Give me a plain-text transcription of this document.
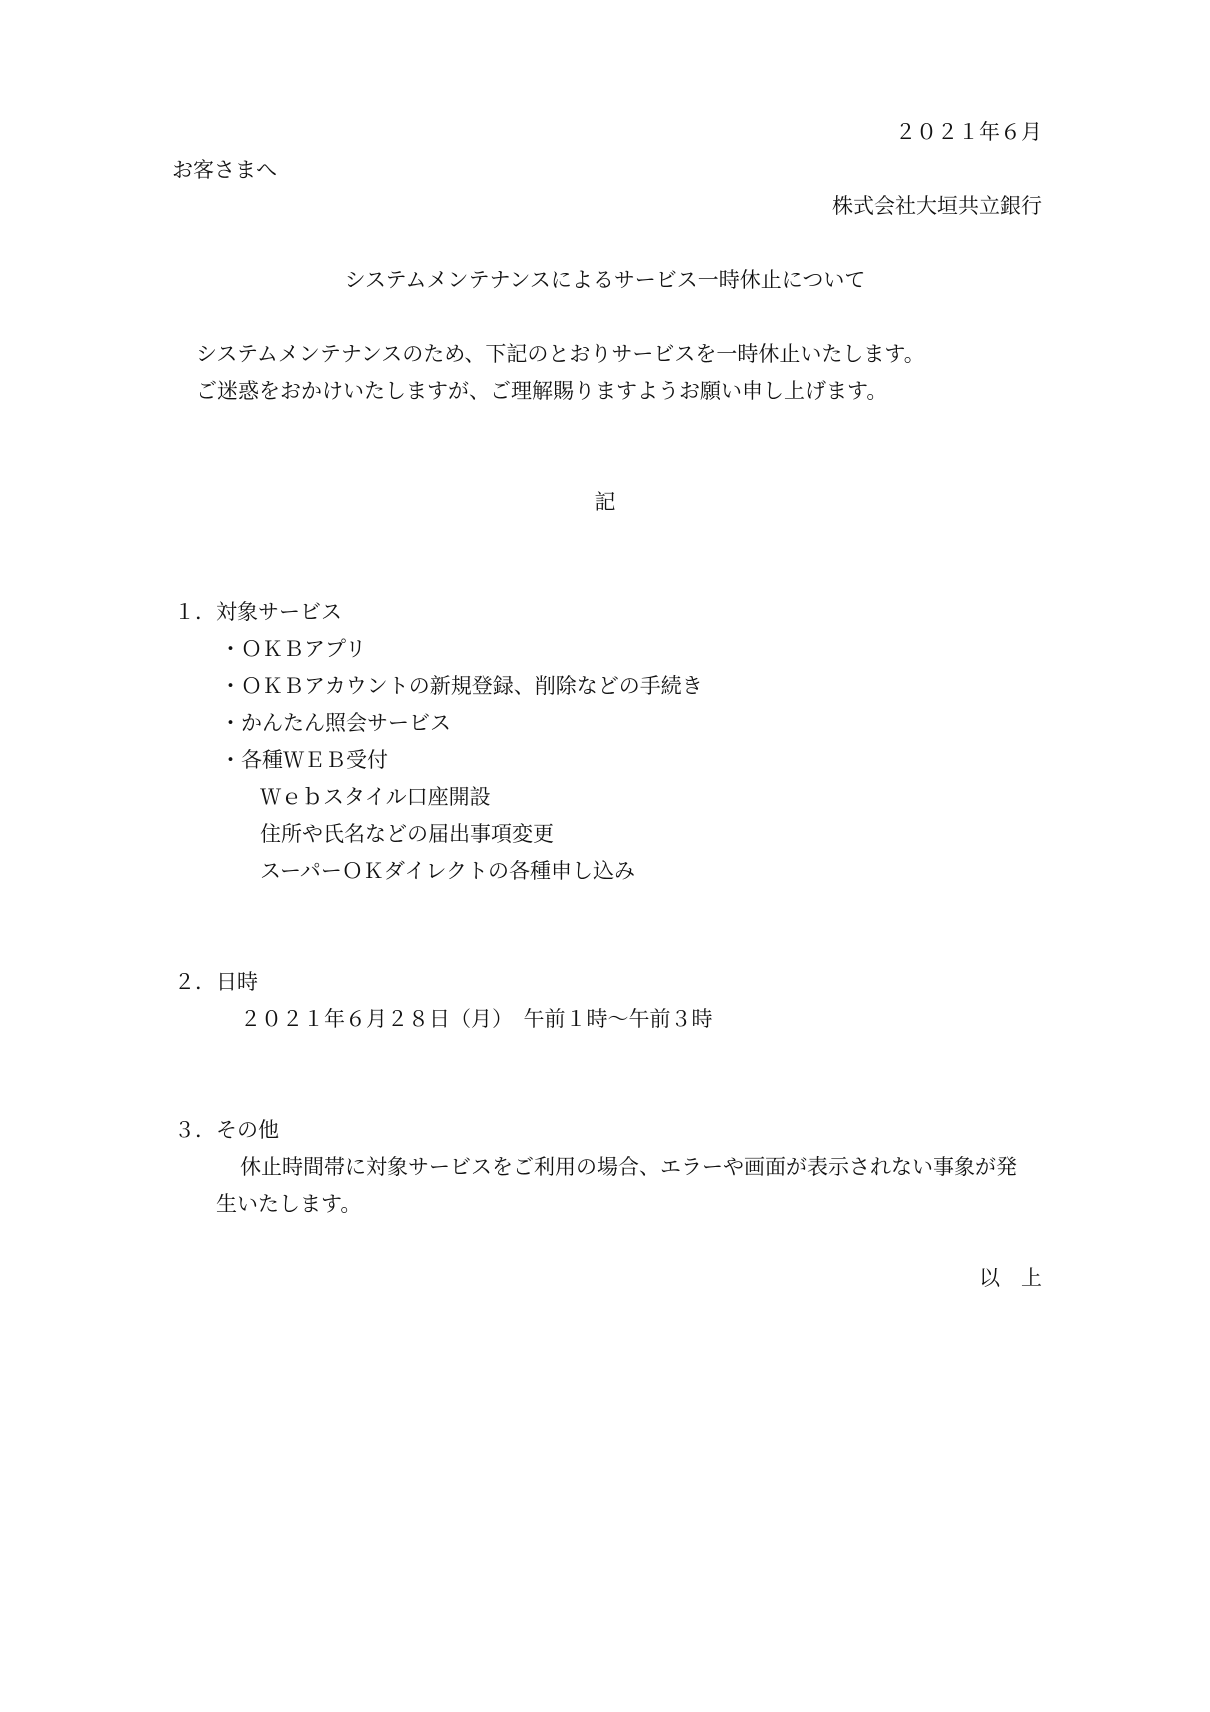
２０２１年６月

お客さまへ

株式会社大垣共立銀行

システムメンテナンスによるサービス一時休止について

システムメンテナンスのため、下記のとおりサービスを一時休止いたします。

ご迷惑をおかけいたしますが、ご理解賜りますようお願い申し上げます。

記

１．対象サービス

・ＯＫＢアプリ

・ＯＫＢアカウントの新規登録、削除などの手続き

・かんたん照会サービス

・各種ＷＥＢ受付

Ｗｅｂスタイル口座開設

住所や氏名などの届出事項変更

スーパーＯＫダイレクトの各種申し込み

２．日時

２０２１年６月２８日（月）　午前１時～午前３時

３．その他

休止時間帯に対象サービスをご利用の場合、エラーや画面が表示されない事象が発

生いたします。

以　上
